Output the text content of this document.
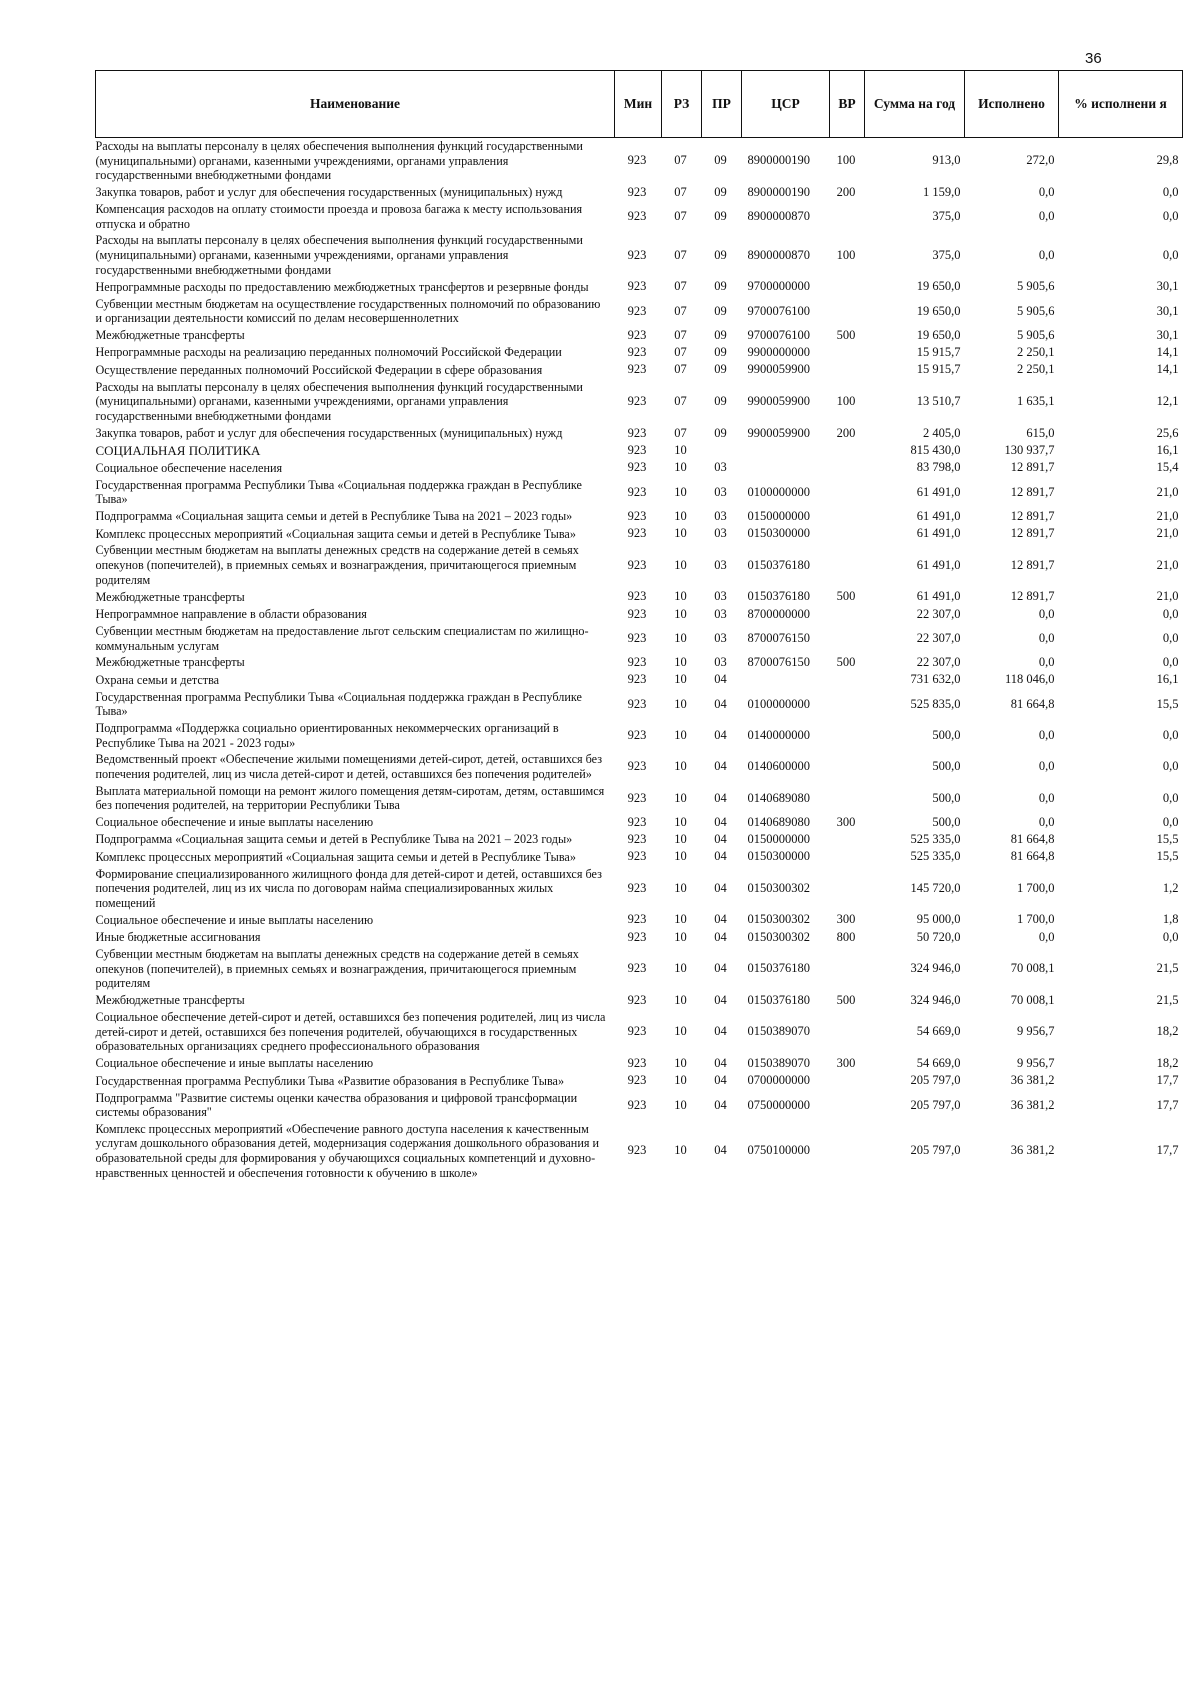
36
Наименование	Мин	РЗ	ПР	ЦСР	ВР	Сумма на год	Исполнено	% исполнени я
Расходы на выплаты персоналу в целях обеспечения выполнения функций государственными (муниципальными) органами, казенными учреждениями, органами управления государственными внебюджетными фондами	923	07	09	8900000190	100	913,0	272,0	29,8
Закупка товаров, работ и услуг для обеспечения государственных (муниципальных) нужд	923	07	09	8900000190	200	1 159,0	0,0	0,0
Компенсация расходов на оплату стоимости проезда и провоза багажа к месту использования отпуска и обратно	923	07	09	8900000870		375,0	0,0	0,0
Расходы на выплаты персоналу в целях обеспечения выполнения функций государственными (муниципальными) органами, казенными учреждениями, органами управления государственными внебюджетными фондами	923	07	09	8900000870	100	375,0	0,0	0,0
Непрограммные расходы по предоставлению межбюджетных трансфертов и резервные фонды	923	07	09	9700000000		19 650,0	5 905,6	30,1
Субвенции местным бюджетам на осуществление государственных полномочий по образованию и организации деятельности комиссий по делам несовершеннолетних	923	07	09	9700076100		19 650,0	5 905,6	30,1
Межбюджетные трансферты	923	07	09	9700076100	500	19 650,0	5 905,6	30,1
Непрограммные расходы на реализацию переданных полномочий Российской Федерации	923	07	09	9900000000		15 915,7	2 250,1	14,1
Осуществление переданных полномочий Российской Федерации в сфере образования	923	07	09	9900059900		15 915,7	2 250,1	14,1
Расходы на выплаты персоналу в целях обеспечения выполнения функций государственными (муниципальными) органами, казенными учреждениями, органами управления государственными внебюджетными фондами	923	07	09	9900059900	100	13 510,7	1 635,1	12,1
Закупка товаров, работ и услуг для обеспечения государственных (муниципальных) нужд	923	07	09	9900059900	200	2 405,0	615,0	25,6
СОЦИАЛЬНАЯ ПОЛИТИКА	923	10				815 430,0	130 937,7	16,1
Социальное обеспечение населения	923	10	03			83 798,0	12 891,7	15,4
Государственная программа Республики Тыва «Социальная поддержка граждан в Республике Тыва»	923	10	03	0100000000		61 491,0	12 891,7	21,0
Подпрограмма «Социальная защита семьи и детей в Республике Тыва на 2021 – 2023 годы»	923	10	03	0150000000		61 491,0	12 891,7	21,0
Комплекс процессных мероприятий «Социальная защита семьи и детей в Республике Тыва»	923	10	03	0150300000		61 491,0	12 891,7	21,0
Субвенции местным бюджетам на выплаты денежных средств на содержание детей в семьях опекунов (попечителей), в приемных семьях и вознаграждения, причитающегося приемным родителям	923	10	03	0150376180		61 491,0	12 891,7	21,0
Межбюджетные трансферты	923	10	03	0150376180	500	61 491,0	12 891,7	21,0
Непрограммное направление в области образования	923	10	03	8700000000		22 307,0	0,0	0,0
Субвенции местным бюджетам на предоставление льгот сельским специалистам по жилищно-коммунальным услугам	923	10	03	8700076150		22 307,0	0,0	0,0
Межбюджетные трансферты	923	10	03	8700076150	500	22 307,0	0,0	0,0
Охрана семьи и детства	923	10	04			731 632,0	118 046,0	16,1
Государственная программа Республики Тыва «Социальная поддержка граждан в Республике Тыва»	923	10	04	0100000000		525 835,0	81 664,8	15,5
Подпрограмма «Поддержка социально ориентированных некоммерческих организаций в Республике Тыва на 2021 - 2023 годы»	923	10	04	0140000000		500,0	0,0	0,0
Ведомственный проект «Обеспечение жилыми помещениями детей-сирот, детей, оставшихся без попечения родителей, лиц из числа детей-сирот и детей, оставшихся без попечения родителей»	923	10	04	0140600000		500,0	0,0	0,0
Выплата материальной помощи на ремонт жилого помещения детям-сиротам, детям, оставшимся без попечения родителей, на территории Республики Тыва	923	10	04	0140689080		500,0	0,0	0,0
Социальное обеспечение и иные выплаты населению	923	10	04	0140689080	300	500,0	0,0	0,0
Подпрограмма «Социальная защита семьи и детей в Республике Тыва на 2021 – 2023 годы»	923	10	04	0150000000		525 335,0	81 664,8	15,5
Комплекс процессных мероприятий «Социальная защита семьи и детей в Республике Тыва»	923	10	04	0150300000		525 335,0	81 664,8	15,5
Формирование специализированного жилищного фонда для детей-сирот и детей, оставшихся без попечения родителей, лиц из их числа по договорам найма специализированных жилых помещений	923	10	04	0150300302		145 720,0	1 700,0	1,2
Социальное обеспечение и иные выплаты населению	923	10	04	0150300302	300	95 000,0	1 700,0	1,8
Иные бюджетные ассигнования	923	10	04	0150300302	800	50 720,0	0,0	0,0
Субвенции местным бюджетам на выплаты денежных средств на содержание детей в семьях опекунов (попечителей), в приемных семьях и вознаграждения, причитающегося приемным родителям	923	10	04	0150376180		324 946,0	70 008,1	21,5
Межбюджетные трансферты	923	10	04	0150376180	500	324 946,0	70 008,1	21,5
Социальное обеспечение детей-сирот и детей, оставшихся без попечения родителей, лиц из числа детей-сирот и детей, оставшихся без попечения родителей, обучающихся в государственных образовательных организациях среднего профессионального образования	923	10	04	0150389070		54 669,0	9 956,7	18,2
Социальное обеспечение и иные выплаты населению	923	10	04	0150389070	300	54 669,0	9 956,7	18,2
Государственная программа Республики Тыва «Развитие образования в Республике Тыва»	923	10	04	0700000000		205 797,0	36 381,2	17,7
Подпрограмма "Развитие системы оценки качества образования и цифровой трансформации системы образования"	923	10	04	0750000000		205 797,0	36 381,2	17,7
Комплекс процессных мероприятий «Обеспечение равного доступа населения к качественным услугам дошкольного образования детей, модернизация содержания дошкольного образования и образовательной среды для формирования у обучающихся социальных компетенций и духовно-нравственных ценностей и обеспечения готовности к обучению в школе»	923	10	04	0750100000		205 797,0	36 381,2	17,7
